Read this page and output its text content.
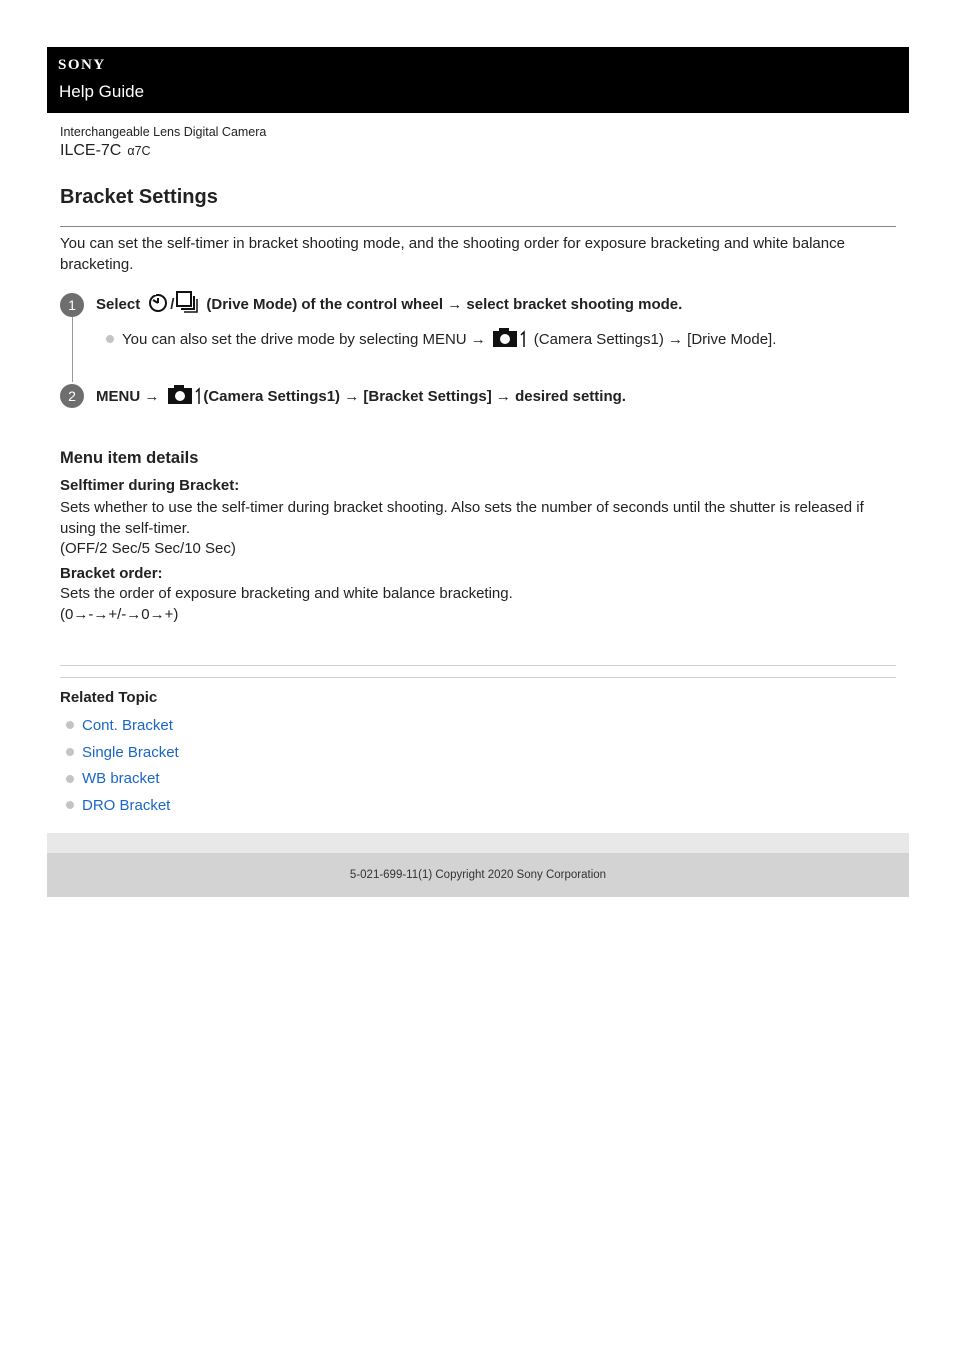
SONY
Help Guide
Interchangeable Lens Digital Camera
ILCE-7C α7C
Bracket Settings
You can set the self-timer in bracket shooting mode, and the shooting order for exposure bracketing and white balance bracketing.
1	Select / (Drive Mode) of the control wheel → select bracket shooting mode.
You can also set the drive mode by selecting MENU →	(Camera Settings1) → [Drive Mode].
2	MENU →	(Camera Settings1) → [Bracket Settings] → desired setting.
Menu item details
Selftimer during Bracket:
Sets whether to use the self-timer during bracket shooting. Also sets the number of seconds until the shutter is released if using the self-timer.
(OFF/2 Sec/5 Sec/10 Sec)
Bracket order:
Sets the order of exposure bracketing and white balance bracketing.
(0→-→+/-→0→+)
Related Topic
Cont. Bracket
Single Bracket
WB bracket
DRO Bracket
5-021-699-11(1) Copyright 2020 Sony Corporation
